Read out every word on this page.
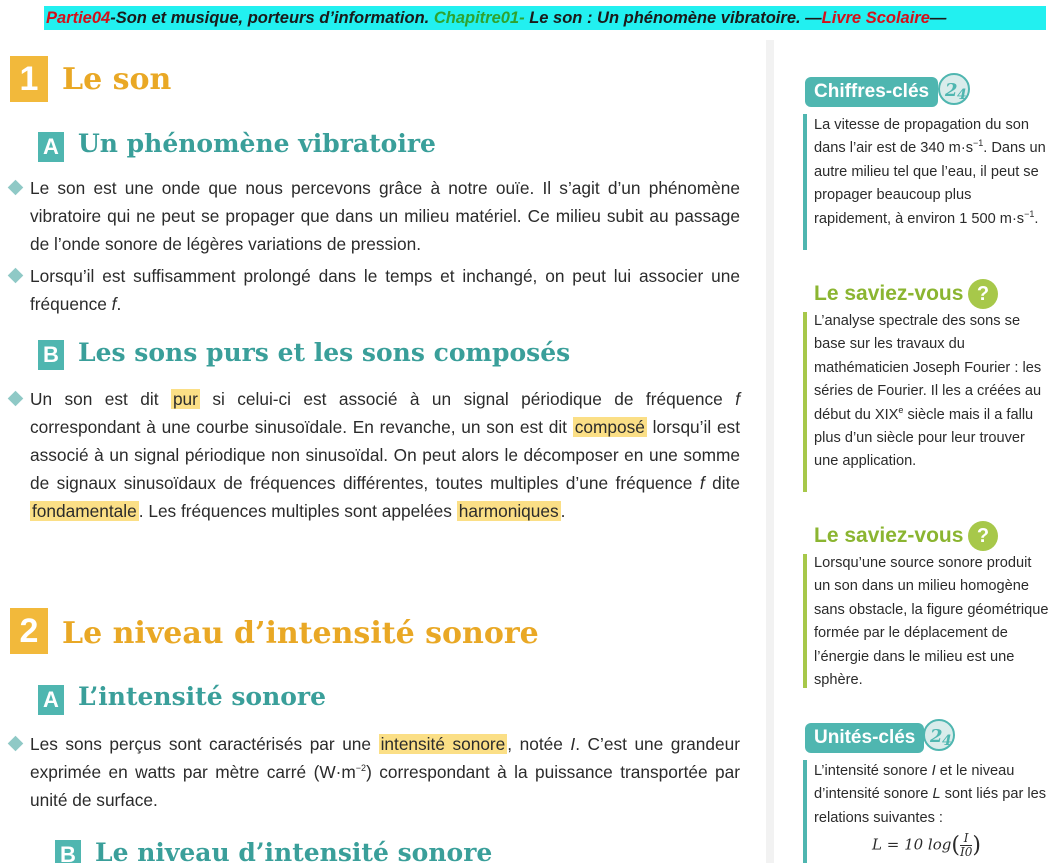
Partie04-Son et musique, porteurs d’information. Chapitre01- Le son : Un phénomène vibratoire. —Livre Scolaire—
1 Le son
A Un phénomène vibratoire
Le son est une onde que nous percevons grâce à notre ouïe. Il s’agit d’un phénomène vibratoire qui ne peut se propager que dans un milieu matériel. Ce milieu subit au passage de l’onde sonore de légères variations de pression.
Lorsqu’il est suffisamment prolongé dans le temps et inchangé, on peut lui associer une fréquence f.
B Les sons purs et les sons composés
Un son est dit pur si celui-ci est associé à un signal périodique de fréquence f correspondant à une courbe sinusoïdale. En revanche, un son est dit composé lorsqu’il est associé à un signal périodique non sinusoïdal. On peut alors le décomposer en une somme de signaux sinusoïdaux de fréquences différentes, toutes multiples d’une fréquence f dite fondamentale . Les fréquences multiples sont appelées harmoniques .
2 Le niveau d’intensité sonore
A L’intensité sonore
Les sons perçus sont caractérisés par une intensité sonore , notée I. C’est une grandeur exprimée en watts par mètre carré $(W\cdot m^{-2})$ correspondant à la puissance transportée par unité de surface.
B Le niveau d’intensité sonore
Chiffres-clés 2 4
La vitesse de propagation du son dans l’air est de 340 $m\cdot s^{-1}$. Dans un autre milieu tel que l’eau, il peut se propager beaucoup plus rapidement, à environ 1 500 $m\cdot s^{-1}$.
Le saviez-vous ?
L’analyse spectrale des sons se base sur les travaux du mathématicien Joseph Fourier : les séries de Fourier. Il les a créées au début du XIXe siècle mais il a fallu plus d’un siècle pour leur trouver une application.
Le saviez-vous ?
Lorsqu’une source sonore produit un son dans un milieu homogène sans obstacle, la figure géométrique formée par le déplacement de l’énergie dans le milieu est une sphère.
Unités-clés 2 4
L’intensité sonore I et le niveau d’intensité sonore L sont liés par les relations suivantes :
L = 10 $\log( \frac{I}{I0})$
